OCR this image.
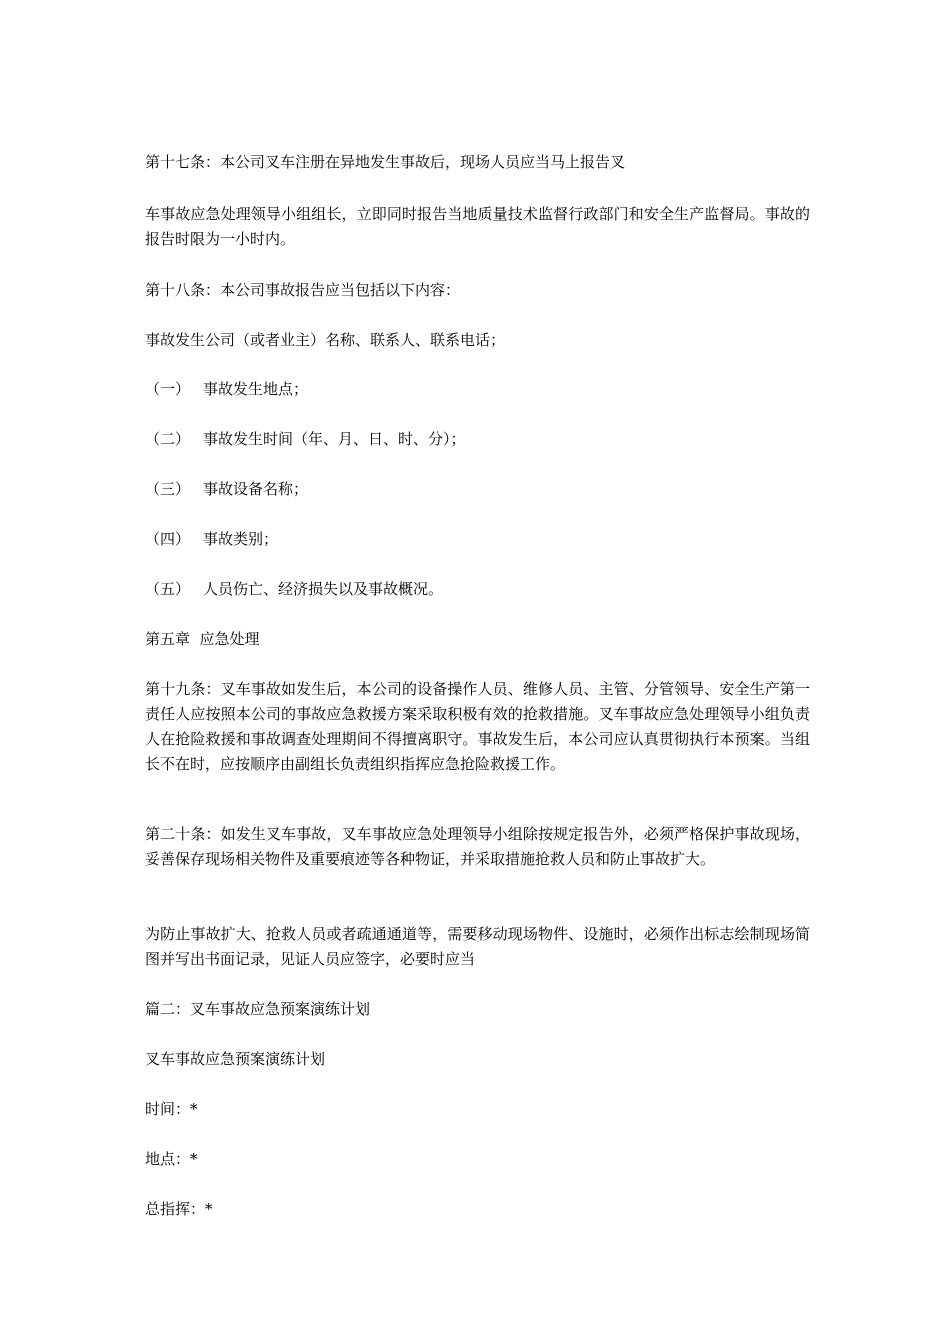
第十七条：本公司叉车注册在异地发生事故后，现场人员应当马上报告叉

车事故应急处理领导小组组长，立即同时报告当地质量技术监督行政部门和安全生产监督局。事故的报告时限为一小时内。

第十八条：本公司事故报告应当包括以下内容：

事故发生公司（或者业主）名称、联系人、联系电话；

（一） 事故发生地点；
（二） 事故发生时间（年、月、日、时、分）；
（三） 事故设备名称；
（四） 事故类别；
（五） 人员伤亡、经济损失以及事故概况。

第五章  应急处理

第十九条：叉车事故如发生后，本公司的设备操作人员、维修人员、主管、分管领导、安全生产第一责任人应按照本公司的事故应急救援方案采取积极有效的抢救措施。叉车事故应急处理领导小组负责人在抢险救援和事故调查处理期间不得擅离职守。事故发生后，本公司应认真贯彻执行本预案。当组长不在时，应按顺序由副组长负责组织指挥应急抢险救援工作。

第二十条：如发生叉车事故，叉车事故应急处理领导小组除按规定报告外，必须严格保护事故现场，妥善保存现场相关物件及重要痕迹等各种物证，并采取措施抢救人员和防止事故扩大。

为防止事故扩大、抢救人员或者疏通通道等，需要移动现场物件、设施时，必须作出标志绘制现场简图并写出书面记录，见证人员应签字，必要时应当

篇二：叉车事故应急预案演练计划

叉车事故应急预案演练计划

时间：*

地点：*

总指挥：*
